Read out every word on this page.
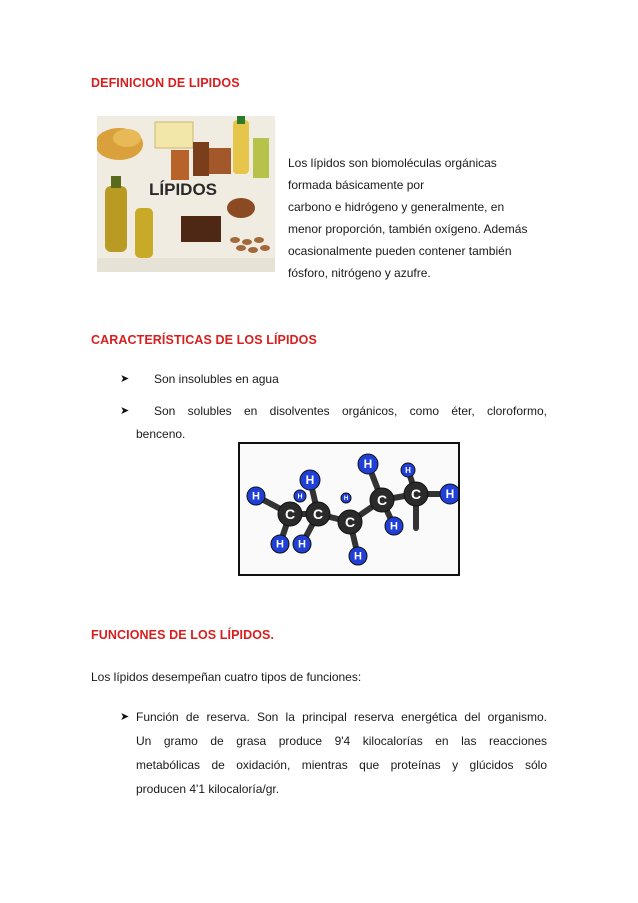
DEFINICION DE LIPIDOS
LÍPIDOS
Los lípidos son biomoléculas orgánicas
formada básicamente por
carbono e hidrógeno y generalmente, en
menor proporción, también oxígeno. Además
ocasionalmente pueden contener también
fósforo, nitrógeno y azufre.
CARACTERÍSTICAS DE LOS LÍPIDOS
➤ Son insolubles en agua
➤ Son solubles en disolventes orgánicos, como éter, cloroformo,
benceno.
H
H H
H
H	H
H
H
H
H
H
C C C
C C
FUNCIONES DE LOS LÍPIDOS.
Los lípidos desempeñan cuatro tipos de funciones:
➤ Función de reserva. Son la principal reserva energética del organismo.
Un gramo de grasa produce 9'4 kilocalorías en las reacciones
metabólicas de oxidación, mientras que proteínas y glúcidos sólo
producen 4'1 kilocaloría/gr.
